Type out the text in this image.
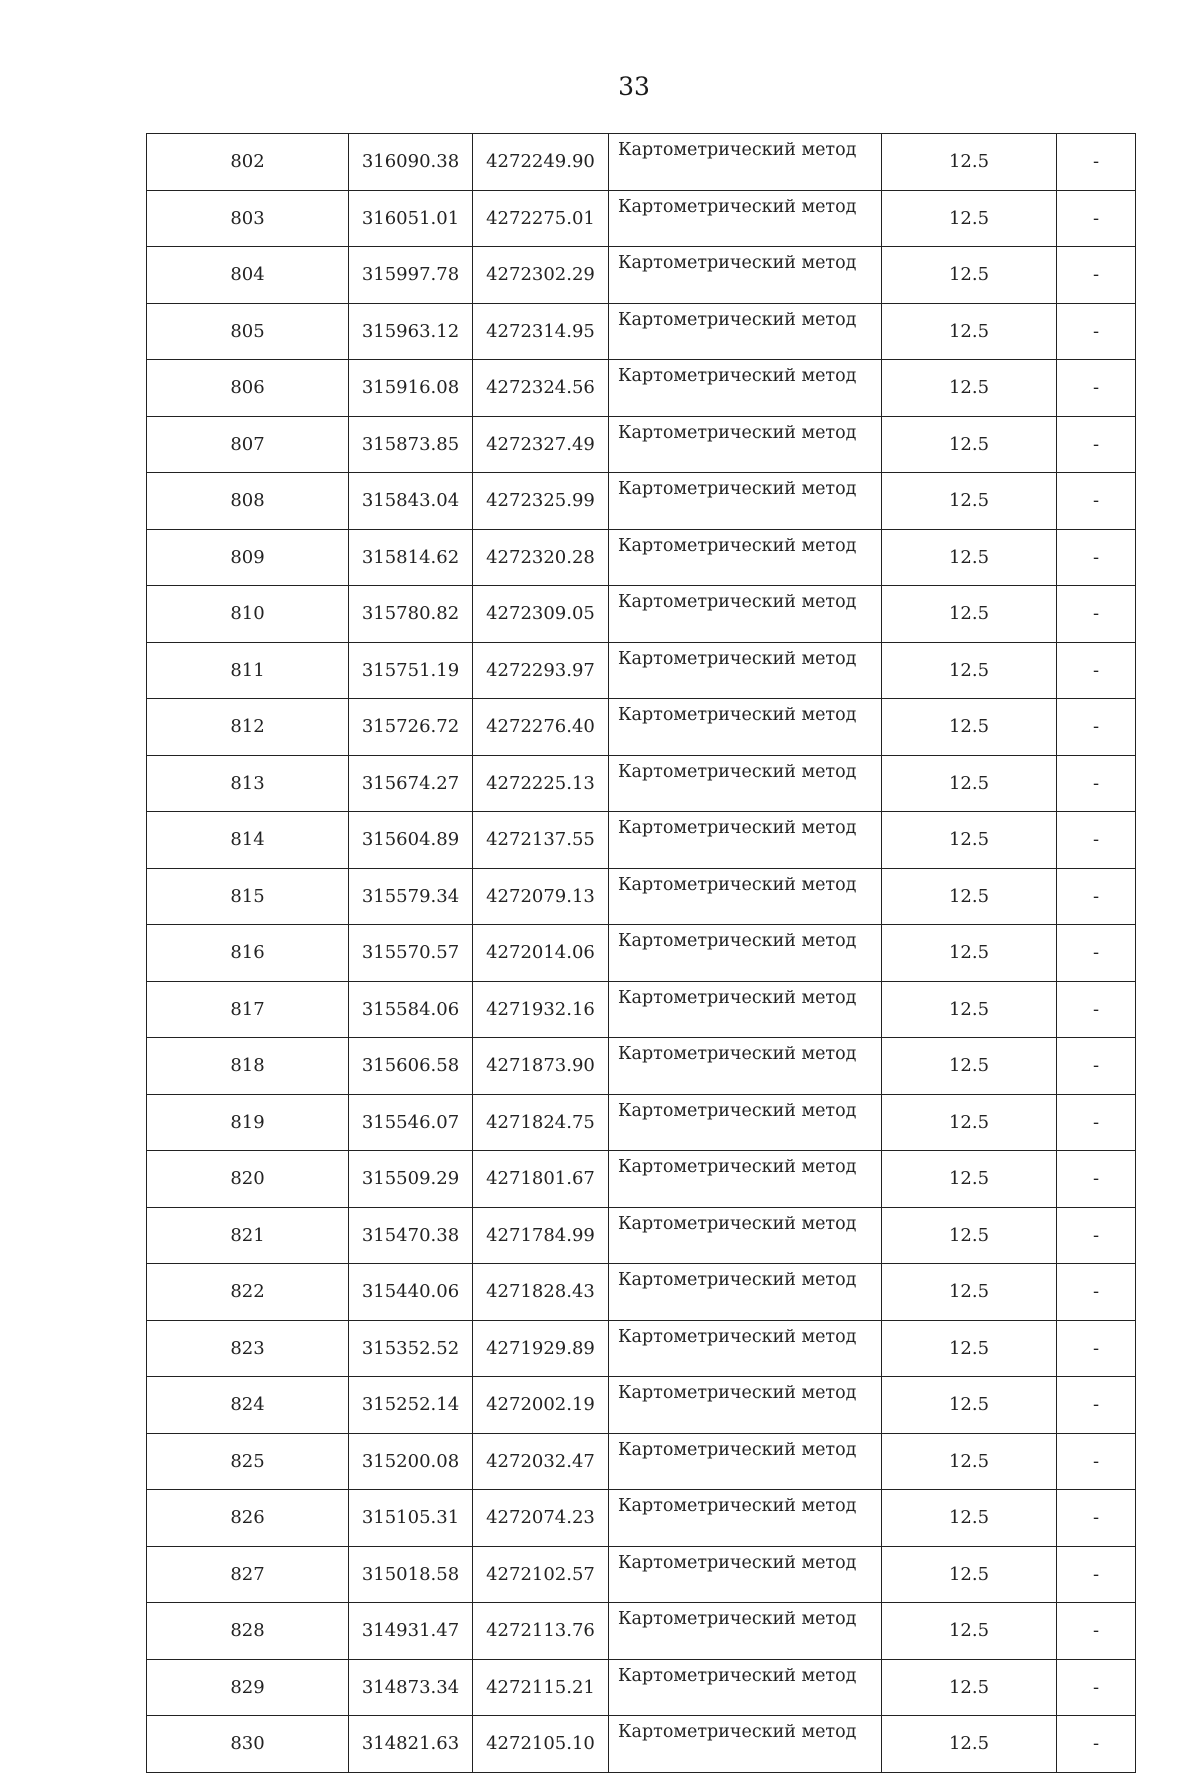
33
802	316090.38	4272249.90	Картометрический метод	12.5	-
803	316051.01	4272275.01	Картометрический метод	12.5	-
804	315997.78	4272302.29	Картометрический метод	12.5	-
805	315963.12	4272314.95	Картометрический метод	12.5	-
806	315916.08	4272324.56	Картометрический метод	12.5	-
807	315873.85	4272327.49	Картометрический метод	12.5	-
808	315843.04	4272325.99	Картометрический метод	12.5	-
809	315814.62	4272320.28	Картометрический метод	12.5	-
810	315780.82	4272309.05	Картометрический метод	12.5	-
811	315751.19	4272293.97	Картометрический метод	12.5	-
812	315726.72	4272276.40	Картометрический метод	12.5	-
813	315674.27	4272225.13	Картометрический метод	12.5	-
814	315604.89	4272137.55	Картометрический метод	12.5	-
815	315579.34	4272079.13	Картометрический метод	12.5	-
816	315570.57	4272014.06	Картометрический метод	12.5	-
817	315584.06	4271932.16	Картометрический метод	12.5	-
818	315606.58	4271873.90	Картометрический метод	12.5	-
819	315546.07	4271824.75	Картометрический метод	12.5	-
820	315509.29	4271801.67	Картометрический метод	12.5	-
821	315470.38	4271784.99	Картометрический метод	12.5	-
822	315440.06	4271828.43	Картометрический метод	12.5	-
823	315352.52	4271929.89	Картометрический метод	12.5	-
824	315252.14	4272002.19	Картометрический метод	12.5	-
825	315200.08	4272032.47	Картометрический метод	12.5	-
826	315105.31	4272074.23	Картометрический метод	12.5	-
827	315018.58	4272102.57	Картометрический метод	12.5	-
828	314931.47	4272113.76	Картометрический метод	12.5	-
829	314873.34	4272115.21	Картометрический метод	12.5	-
830	314821.63	4272105.10	Картометрический метод	12.5	-
